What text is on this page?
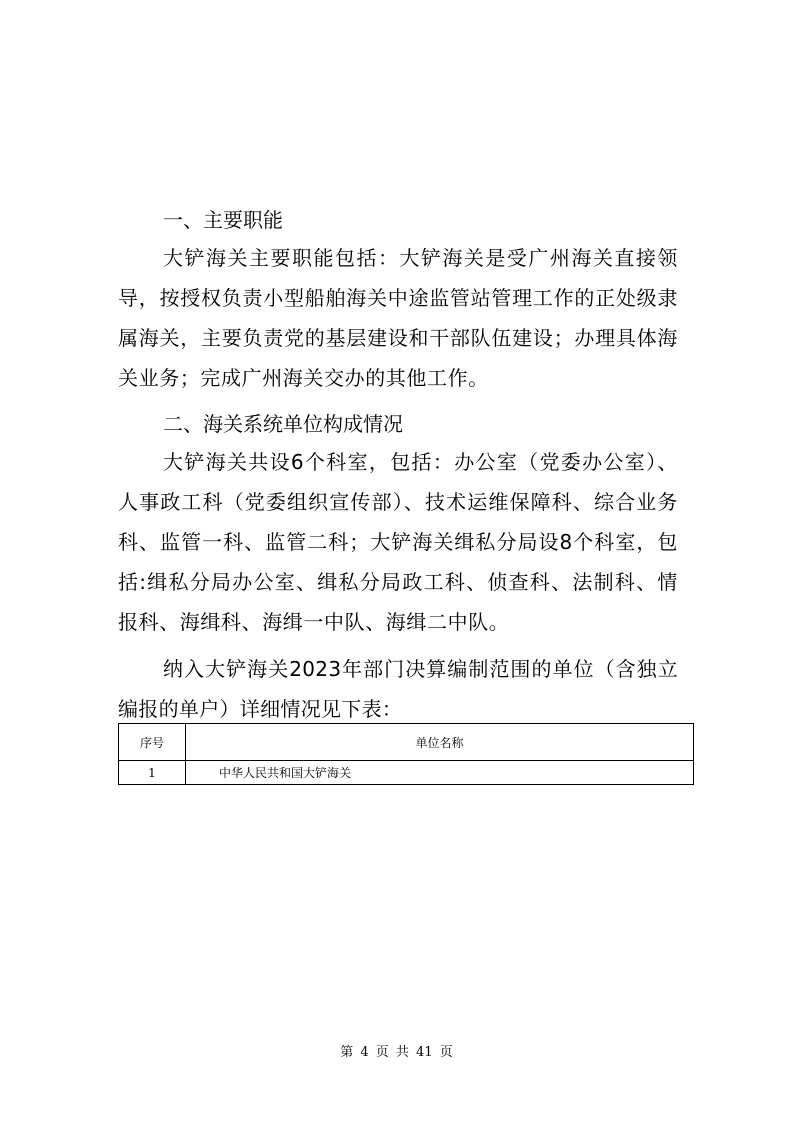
一、主要职能
大铲海关主要职能包括：大铲海关是受广州海关直接领导，按授权负责小型船舶海关中途监管站管理工作的正处级隶属海关，主要负责党的基层建设和干部队伍建设；办理具体海关业务；完成广州海关交办的其他工作。
二、海关系统单位构成情况
大铲海关共设6个科室，包括：办公室（党委办公室）、人事政工科（党委组织宣传部）、技术运维保障科、综合业务科、监管一科、监管二科；大铲海关缉私分局设8个科室，包括:缉私分局办公室、缉私分局政工科、侦查科、法制科、情报科、海缉科、海缉一中队、海缉二中队。
纳入大铲海关2023年部门决算编制范围的单位（含独立编报的单户）详细情况见下表：
序号	单位名称
1	中华人民共和国大铲海关
第 4 页 共 41 页
